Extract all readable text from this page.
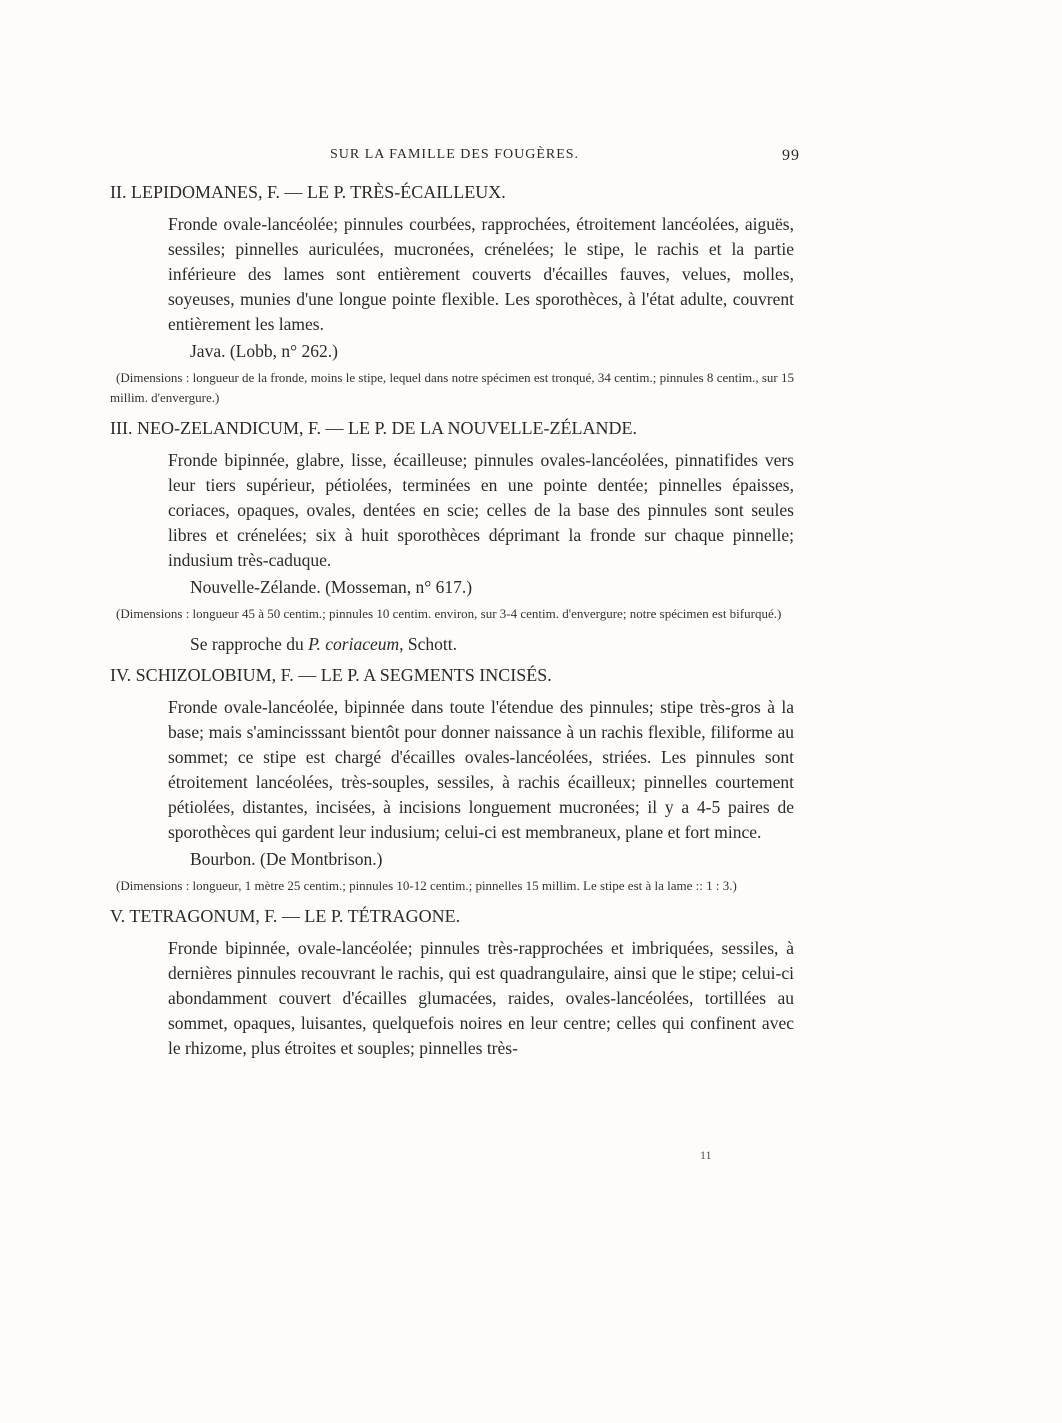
SUR LA FAMILLE DES FOUGÈRES.	99
II. LEPIDOMANES, F. — LE P. TRÈS-ÉCAILLEUX.

Fronde ovale-lancéolée; pinnules courbées, rapprochées, étroitement lancéolées, aiguës, sessiles; pinnelles auriculées, mucronées, crénelées; le stipe, le rachis et la partie inférieure des lames sont entièrement couverts d'écailles fauves, velues, molles, soyeuses, munies d'une longue pointe flexible. Les sporothèces, à l'état adulte, couvrent entièrement les lames.

Java. (Lobb, n° 262.)

(Dimensions : longueur de la fronde, moins le stipe, lequel dans notre spécimen est tronqué, 34 centim.; pinnules 8 centim., sur 15 millim. d'envergure.)

III. NEO-ZELANDICUM, F. — LE P. DE LA NOUVELLE-ZÉLANDE.

Fronde bipinnée, glabre, lisse, écailleuse; pinnules ovales-lancéolées, pinnatifides vers leur tiers supérieur, pétiolées, terminées en une pointe dentée; pinnelles épaisses, coriaces, opaques, ovales, dentées en scie; celles de la base des pinnules sont seules libres et crénelées; six à huit sporothèces déprimant la fronde sur chaque pinnelle; indusium très-caduque.

Nouvelle-Zélande. (Mosseman, n° 617.)

(Dimensions : longueur 45 à 50 centim.; pinnules 10 centim. environ, sur 3-4 centim. d'envergure; notre spécimen est bifurqué.)

Se rapproche du P. coriaceum, Schott.

IV. SCHIZOLOBIUM, F. — LE P. A SEGMENTS INCISÉS.

Fronde ovale-lancéolée, bipinnée dans toute l'étendue des pinnules; stipe très-gros à la base; mais s'amincisssant bientôt pour donner naissance à un rachis flexible, filiforme au sommet; ce stipe est chargé d'écailles ovales-lancéolées, striées. Les pinnules sont étroitement lancéolées, très-souples, sessiles, à rachis écailleux; pinnelles courtement pétiolées, distantes, incisées, à incisions longuement mucronées; il y a 4-5 paires de sporothèces qui gardent leur indusium; celui-ci est membraneux, plane et fort mince.

Bourbon. (De Montbrison.)

(Dimensions : longueur, 1 mètre 25 centim.; pinnules 10-12 centim.; pinnelles 15 millim. Le stipe est à la lame :: 1 : 3.)

V. TETRAGONUM, F. — LE P. TÉTRAGONE.

Fronde bipinnée, ovale-lancéolée; pinnules très-rapprochées et imbriquées, sessiles, à dernières pinnules recouvrant le rachis, qui est quadrangulaire, ainsi que le stipe; celui-ci abondamment couvert d'écailles glumacées, raides, ovales-lancéolées, tortillées au sommet, opaques, luisantes, quelquefois noires en leur centre; celles qui confinent avec le rhizome, plus étroites et souples; pinnelles très-

11
